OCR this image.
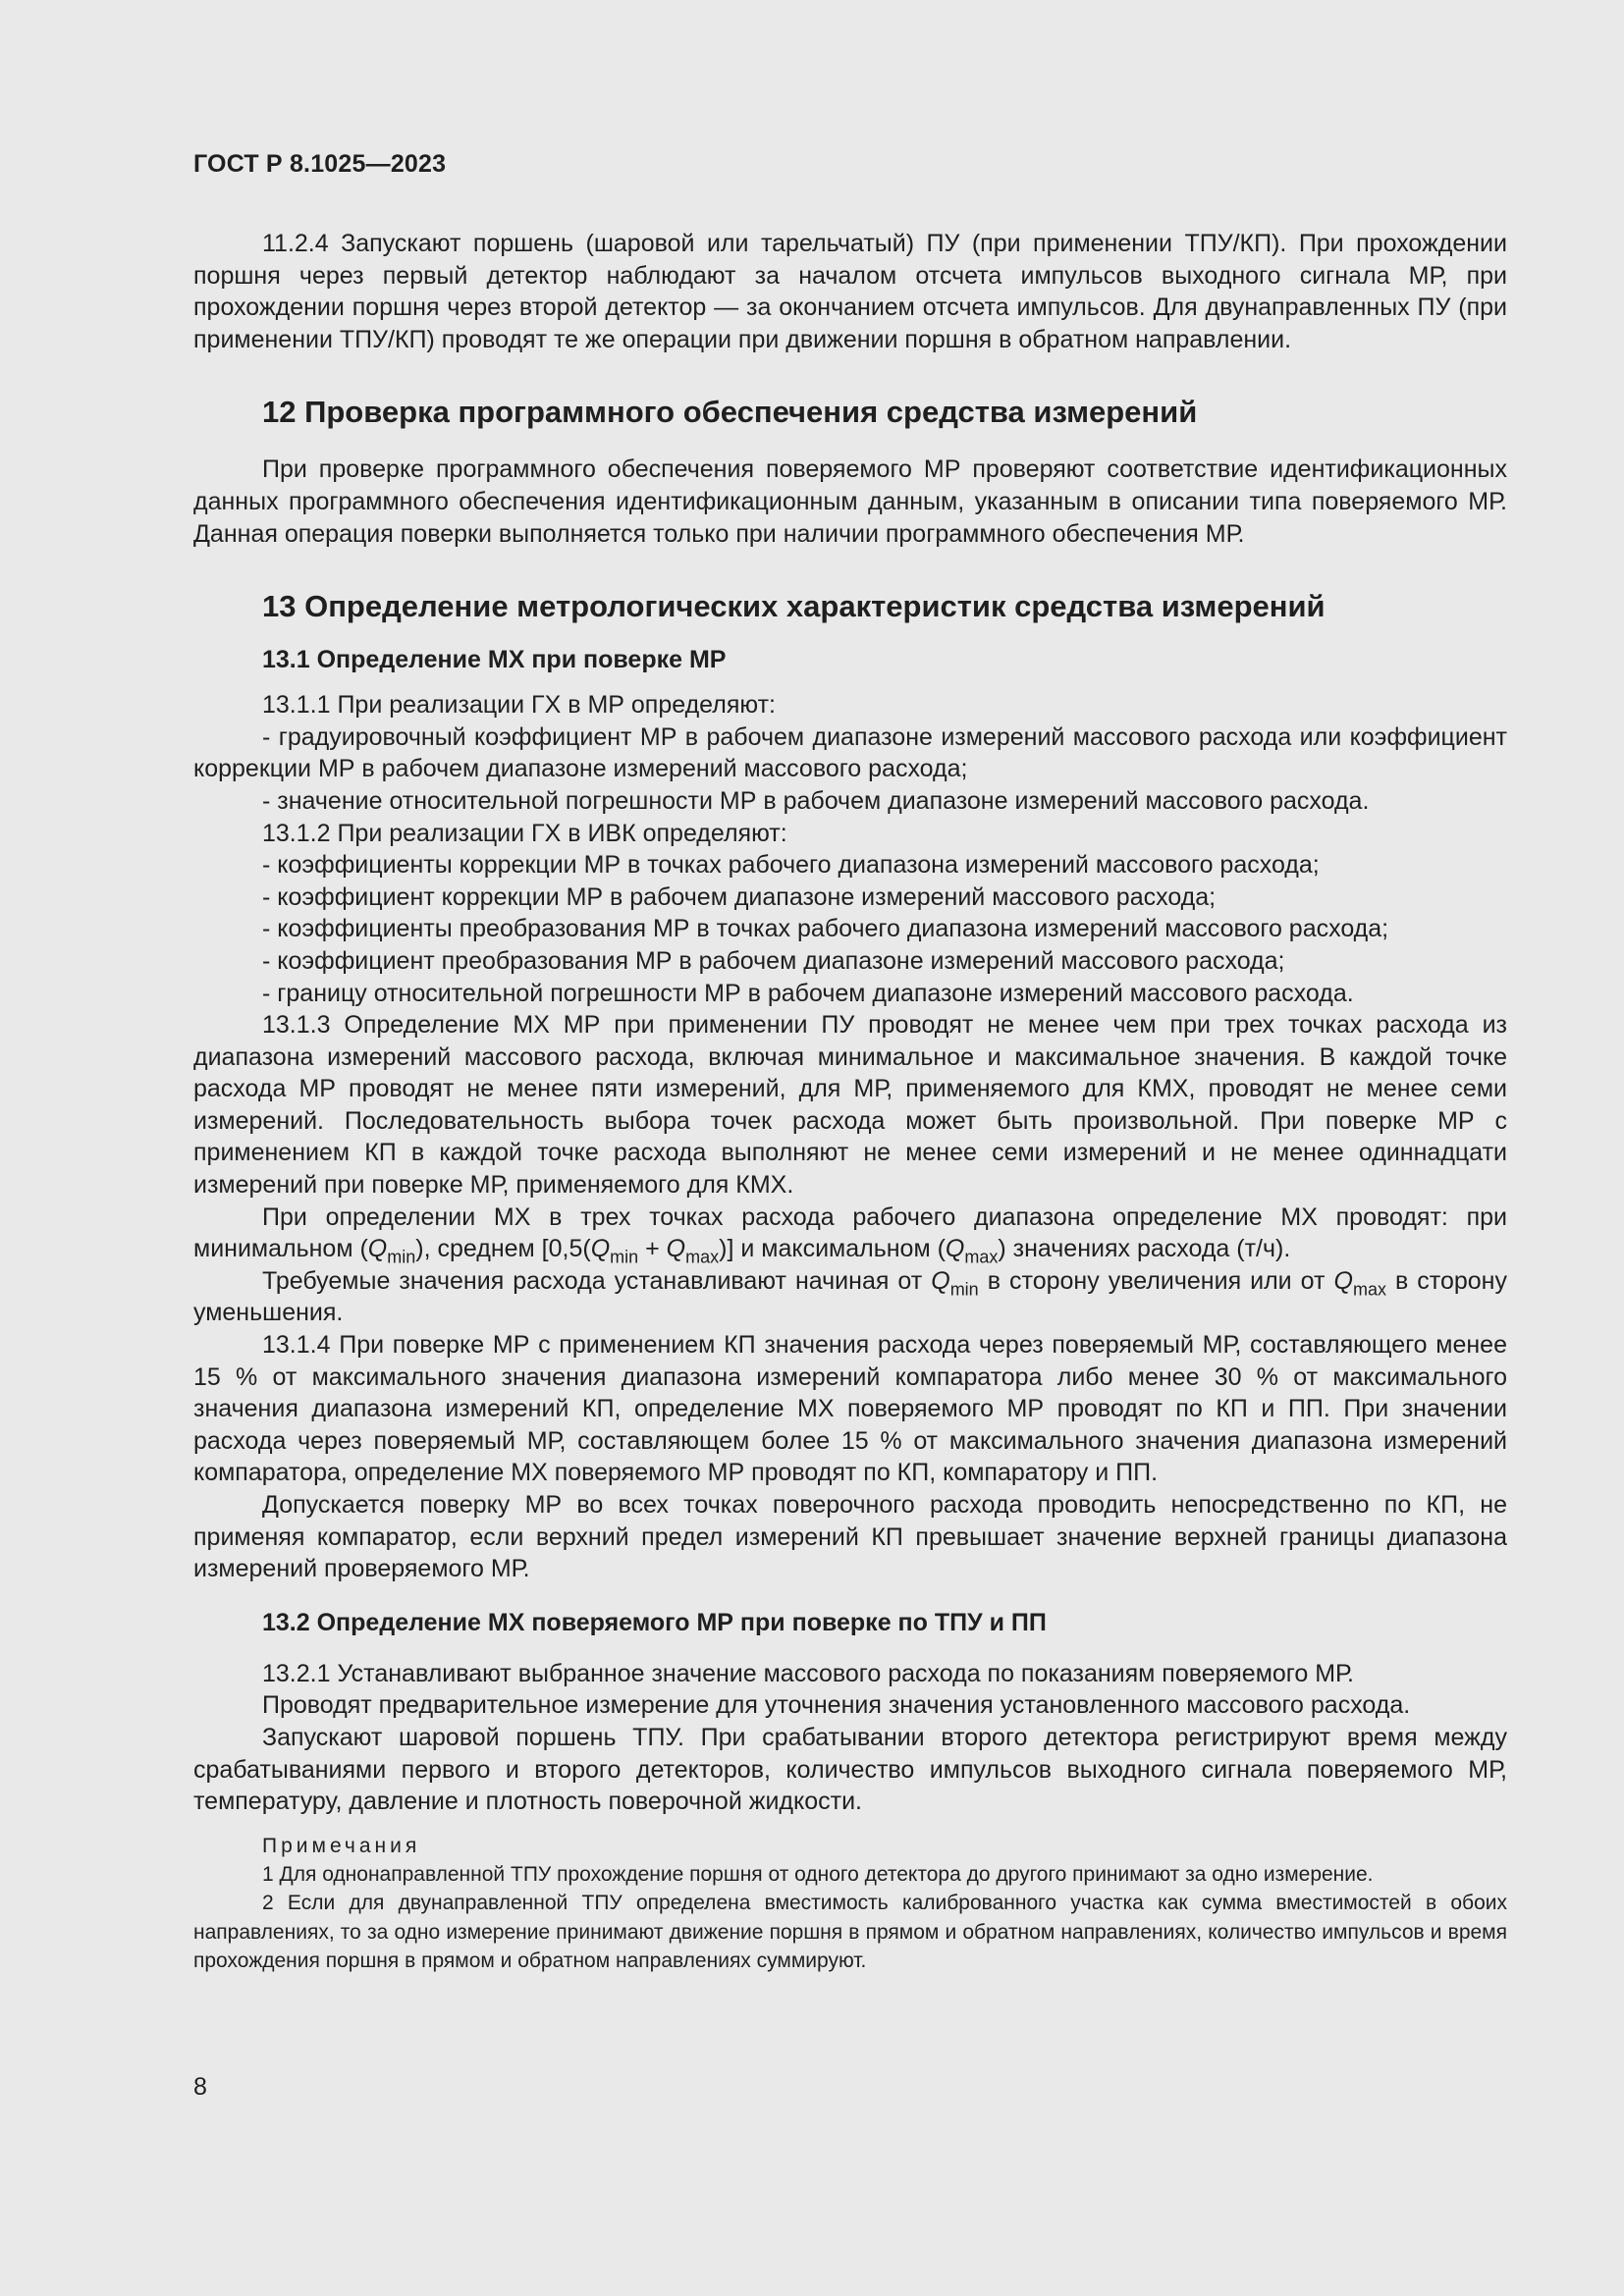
ГОСТ Р 8.1025—2023

11.2.4 Запускают поршень (шаровой или тарельчатый) ПУ (при применении ТПУ/КП). При прохождении поршня через первый детектор наблюдают за началом отсчета импульсов выходного сигнала МР, при прохождении поршня через второй детектор — за окончанием отсчета импульсов. Для двунаправленных ПУ (при применении ТПУ/КП) проводят те же операции при движении поршня в обратном направлении.

12 Проверка программного обеспечения средства измерений

При проверке программного обеспечения поверяемого МР проверяют соответствие идентификационных данных программного обеспечения идентификационным данным, указанным в описании типа поверяемого МР. Данная операция поверки выполняется только при наличии программного обеспечения МР.

13 Определение метрологических характеристик средства измерений
13.1 Определение МХ при поверке МР

13.1.1 При реализации ГХ в МР определяют:

- градуировочный коэффициент МР в рабочем диапазоне измерений массового расхода или коэффициент коррекции МР в рабочем диапазоне измерений массового расхода;

- значение относительной погрешности МР в рабочем диапазоне измерений массового расхода.

13.1.2 При реализации ГХ в ИВК определяют:

- коэффициенты коррекции МР в точках рабочего диапазона измерений массового расхода;

- коэффициент коррекции МР в рабочем диапазоне измерений массового расхода;

- коэффициенты преобразования МР в точках рабочего диапазона измерений массового расхода;

- коэффициент преобразования МР в рабочем диапазоне измерений массового расхода;

- границу относительной погрешности МР в рабочем диапазоне измерений массового расхода.

13.1.3 Определение МХ МР при применении ПУ проводят не менее чем при трех точках расхода из диапазона измерений массового расхода, включая минимальное и максимальное значения. В каждой точке расхода МР проводят не менее пяти измерений, для МР, применяемого для КМХ, проводят не менее семи измерений. Последовательность выбора точек расхода может быть произвольной. При поверке МР с применением КП в каждой точке расхода выполняют не менее семи измерений и не менее одиннадцати измерений при поверке МР, применяемого для КМХ.

При определении МХ в трех точках расхода рабочего диапазона определение МХ проводят: при минимальном $(Q_{min})$, среднем $[0,5(Q_{min} + Q_{max})]$ и максимальном $(Q_{max})$ значениях расхода (т/ч).

Требуемые значения расхода устанавливают начиная от $Q_{min}$ в сторону увеличения или от $Q_{max}$ в сторону уменьшения.

13.1.4 При поверке МР с применением КП значения расхода через поверяемый МР, составляющего менее 15 % от максимального значения диапазона измерений компаратора либо менее 30 % от максимального значения диапазона измерений КП, определение МХ поверяемого МР проводят по КП и ПП. При значении расхода через поверяемый МР, составляющем более 15 % от максимального значения диапазона измерений компаратора, определение МХ поверяемого МР проводят по КП, компаратору и ПП.

Допускается поверку МР во всех точках поверочного расхода проводить непосредственно по КП, не применяя компаратор, если верхний предел измерений КП превышает значение верхней границы диапазона измерений проверяемого МР.

13.2 Определение МХ поверяемого МР при поверке по ТПУ и ПП

13.2.1 Устанавливают выбранное значение массового расхода по показаниям поверяемого МР.

Проводят предварительное измерение для уточнения значения установленного массового расхода.

Запускают шаровой поршень ТПУ. При срабатывании второго детектора регистрируют время между срабатываниями первого и второго детекторов, количество импульсов выходного сигнала поверяемого МР, температуру, давление и плотность поверочной жидкости.

Примечания

1 Для однонаправленной ТПУ прохождение поршня от одного детектора до другого принимают за одно измерение.

2 Если для двунаправленной ТПУ определена вместимость калиброванного участка как сумма вместимостей в обоих направлениях, то за одно измерение принимают движение поршня в прямом и обратном направлениях, количество импульсов и время прохождения поршня в прямом и обратном направлениях суммируют.

8
